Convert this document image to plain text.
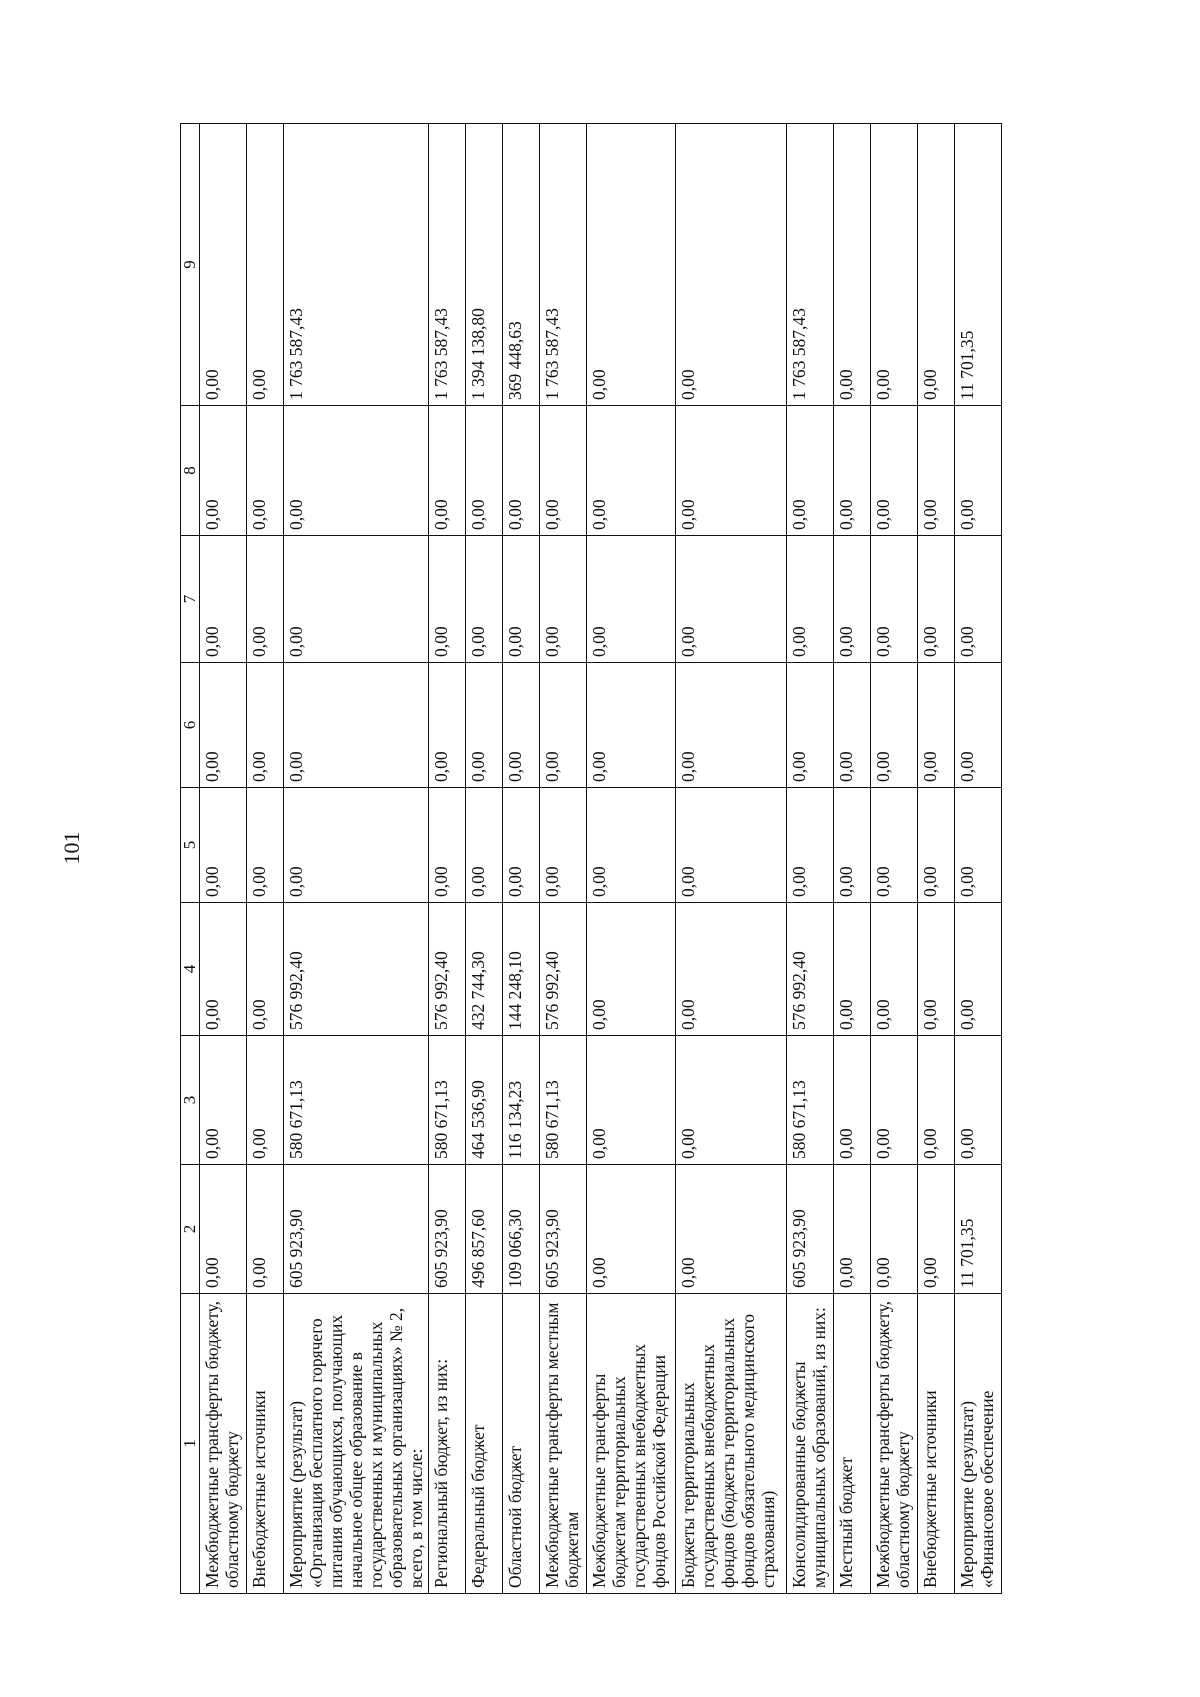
101
1	2	3	4	5	6	7	8	9
Межбюджетные трансферты бюджету, областному бюджету	0,00	0,00	0,00	0,00	0,00	0,00	0,00	0,00
Внебюджетные источники	0,00	0,00	0,00	0,00	0,00	0,00	0,00	0,00
Мероприятие (результат) «Организация бесплатного горячего питания обучающихся, получающих начальное общее образование в государственных и муниципальных образовательных организациях» № 2, всего, в том числе:	605 923,90	580 671,13	576 992,40	0,00	0,00	0,00	0,00	1 763 587,43
Региональный бюджет, из них:	605 923,90	580 671,13	576 992,40	0,00	0,00	0,00	0,00	1 763 587,43
Федеральный бюджет	496 857,60	464 536,90	432 744,30	0,00	0,00	0,00	0,00	1 394 138,80
Областной бюджет	109 066,30	116 134,23	144 248,10	0,00	0,00	0,00	0,00	369 448,63
Межбюджетные трансферты местным бюджетам	605 923,90	580 671,13	576 992,40	0,00	0,00	0,00	0,00	1 763 587,43
Межбюджетные трансферты бюджетам территориальных государственных внебюджетных фондов Российской Федерации	0,00	0,00	0,00	0,00	0,00	0,00	0,00	0,00
Бюджеты территориальных государственных внебюджетных фондов (бюджеты территориальных фондов обязательного медицинского страхования)	0,00	0,00	0,00	0,00	0,00	0,00	0,00	0,00
Консолидированные бюджеты муниципальных образований, из них:	605 923,90	580 671,13	576 992,40	0,00	0,00	0,00	0,00	1 763 587,43
Местный бюджет	0,00	0,00	0,00	0,00	0,00	0,00	0,00	0,00
Межбюджетные трансферты бюджету, областному бюджету	0,00	0,00	0,00	0,00	0,00	0,00	0,00	0,00
Внебюджетные источники	0,00	0,00	0,00	0,00	0,00	0,00	0,00	0,00
Мероприятие (результат) «Финансовое обеспечение	11 701,35	0,00	0,00	0,00	0,00	0,00	0,00	11 701,35
